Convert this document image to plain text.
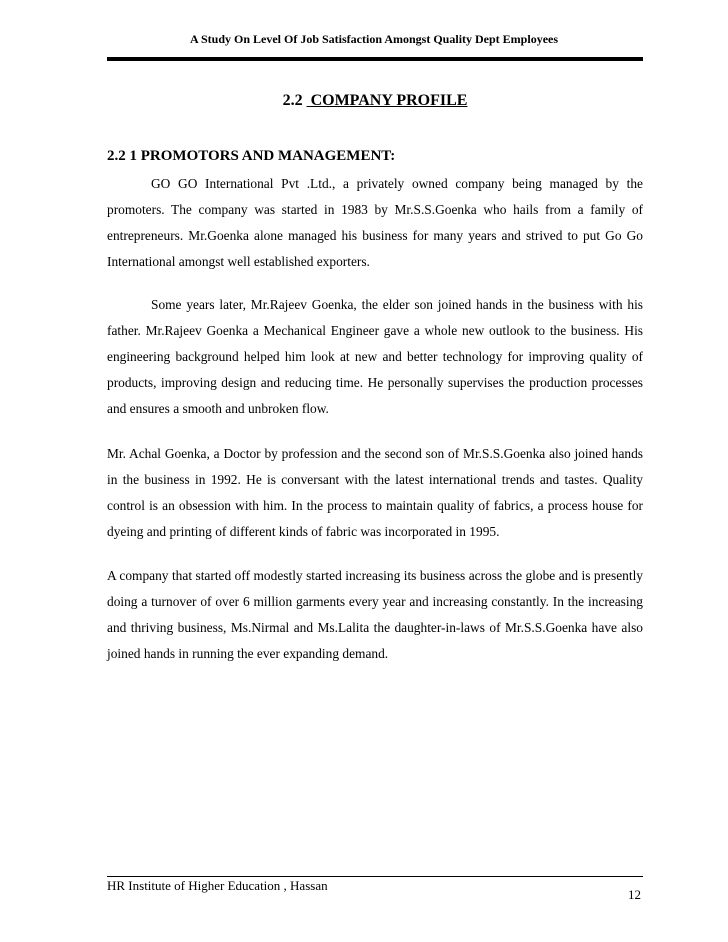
A Study On Level Of Job Satisfaction Amongst Quality Dept Employees
2.2 COMPANY PROFILE
2.2 1 PROMOTORS AND MANAGEMENT:

GO GO International Pvt .Ltd., a privately owned company being managed by the promoters. The company was started in 1983 by Mr.S.S.Goenka who hails from a family of entrepreneurs. Mr.Goenka alone managed his business for many years and strived to put Go Go International amongst well established exporters.

Some years later, Mr.Rajeev Goenka, the elder son joined hands in the business with his father. Mr.Rajeev Goenka a Mechanical Engineer gave a whole new outlook to the business. His engineering background helped him look at new and better technology for improving quality of products, improving design and reducing time. He personally supervises the production processes and ensures a smooth and unbroken flow.

Mr. Achal Goenka, a Doctor by profession and the second son of Mr.S.S.Goenka also joined hands in the business in 1992. He is conversant with the latest international trends and tastes. Quality control is an obsession with him. In the process to maintain quality of fabrics, a process house for dyeing and printing of different kinds of fabric was incorporated in 1995.

A company that started off modestly started increasing its business across the globe and is presently doing a turnover of over 6 million garments every year and increasing constantly. In the increasing and thriving business, Ms.Nirmal and Ms.Lalita the daughter-in-laws of Mr.S.S.Goenka have also joined hands in running the ever expanding demand.

HR Institute of Higher Education , Hassan
12
